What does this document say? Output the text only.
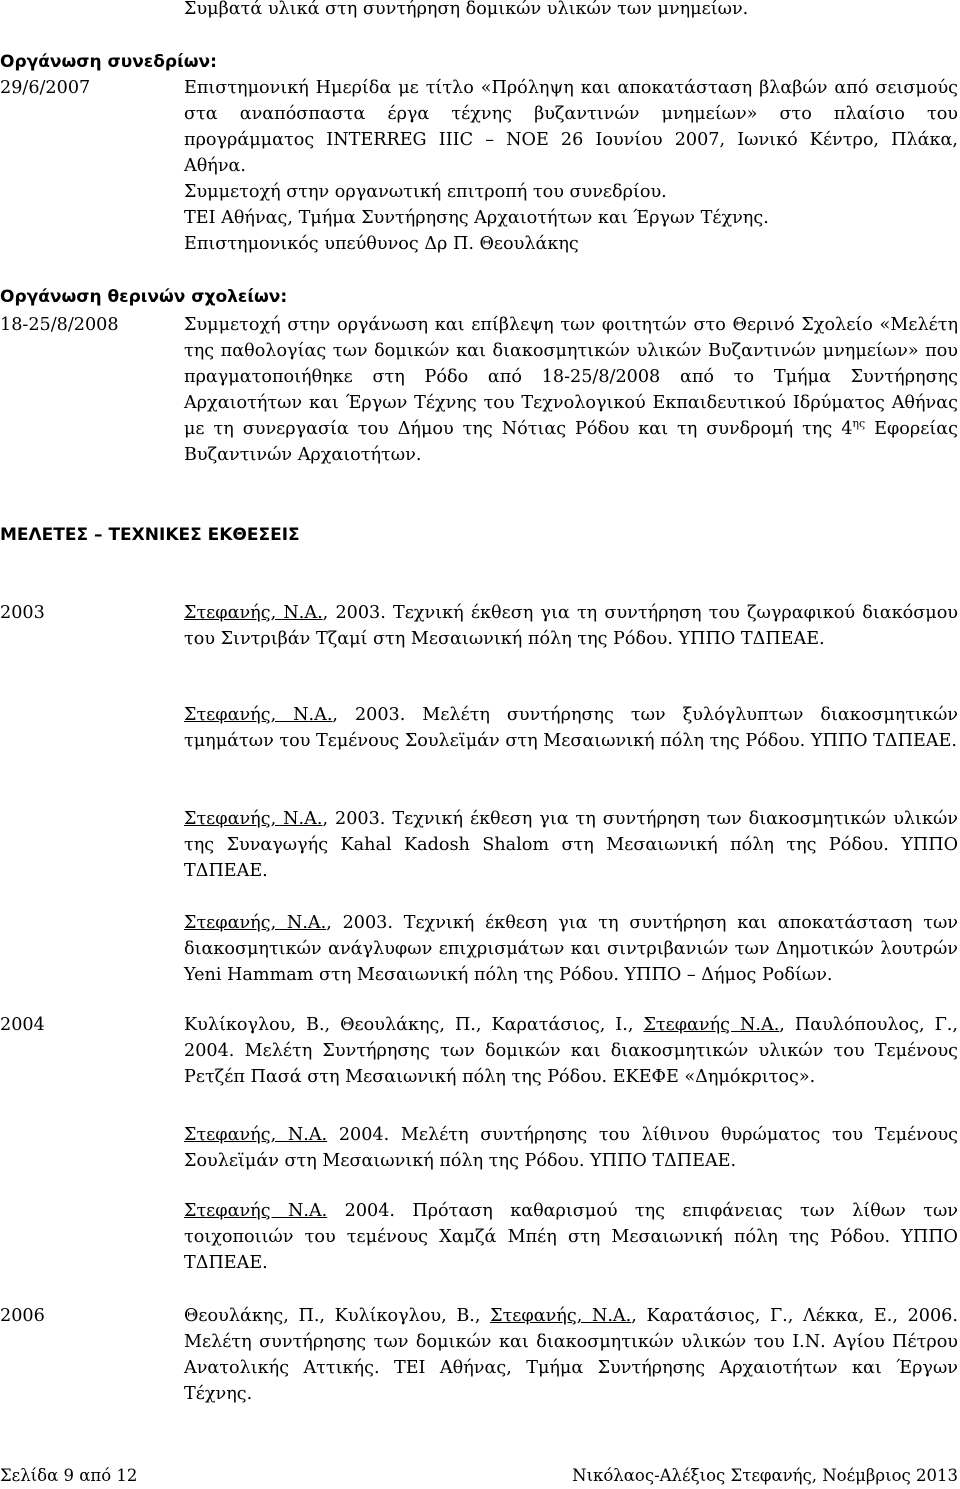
Συμβατά υλικά στη συντήρηση δομικών υλικών των μνημείων.
Οργάνωση συνεδρίων:
29/6/2007	Επιστημονική Ημερίδα με τίτλο «Πρόληψη και αποκατάσταση βλαβών από σεισμούς στα αναπόσπαστα έργα τέχνης βυζαντινών μνημείων» στο πλαίσιο του προγράμματος INTERREG IIIC – NOE 26 Ιουνίου 2007, Ιωνικό Κέντρο, Πλάκα, Αθήνα.

Συμμετοχή στην οργανωτική επιτροπή του συνεδρίου.

ΤΕΙ Αθήνας, Τμήμα Συντήρησης Αρχαιοτήτων και Έργων Τέχνης.

Επιστημονικός υπεύθυνος Δρ Π. Θεουλάκης

Οργάνωση θερινών σχολείων:
18-25/8/2008	Συμμετοχή στην οργάνωση και επίβλεψη των φοιτητών στο Θερινό Σχολείο «Μελέτη της παθολογίας των δομικών και διακοσμητικών υλικών Βυζαντινών μνημείων» που πραγματοποιήθηκε στη Ρόδο από 18-25/8/2008 από το Τμήμα Συντήρησης Αρχαιοτήτων και Έργων Τέχνης του Τεχνολογικού Εκπαιδευτικού Ιδρύματος Αθήνας με τη συνεργασία του Δήμου της Νότιας Ρόδου και τη συνδρομή της $4^{\eta\varsigma}$ Εφορείας Βυζαντινών Αρχαιοτήτων.

ΜΕΛΕΤΕΣ – ΤΕΧΝΙΚΕΣ ΕΚΘΕΣΕΙΣ
2003	Στεφανής, Ν.Α., 2003. Τεχνική έκθεση για τη συντήρηση του ζωγραφικού διακόσμου του Σιντριβάν Τζαμί στη Μεσαιωνική πόλη της Ρόδου. ΥΠΠΟ ΤΔΠΕΑΕ.

Στεφανής, Ν.Α., 2003. Μελέτη συντήρησης των ξυλόγλυπτων διακοσμητικών τμημάτων του Τεμένους Σουλεϊμάν στη Μεσαιωνική πόλη της Ρόδου. ΥΠΠΟ ΤΔΠΕΑΕ.

Στεφανής, Ν.Α., 2003. Τεχνική έκθεση για τη συντήρηση των διακοσμητικών υλικών της Συναγωγής Kahal Kadosh Shalom στη Μεσαιωνική πόλη της Ρόδου. ΥΠΠΟ ΤΔΠΕΑΕ.

Στεφανής, Ν.Α., 2003. Τεχνική έκθεση για τη συντήρηση και αποκατάσταση των διακοσμητικών ανάγλυφων επιχρισμάτων και σιντριβανιών των Δημοτικών λουτρών Yeni Hammam στη Μεσαιωνική πόλη της Ρόδου. ΥΠΠΟ – Δήμος Ροδίων.

2004	Κυλίκογλου, Β., Θεουλάκης, Π., Καρατάσιος, Ι., Στεφανής Ν.Α., Παυλόπουλος, Γ., 2004. Μελέτη Συντήρησης των δομικών και διακοσμητικών υλικών του Τεμένους Ρετζέπ Πασά στη Μεσαιωνική πόλη της Ρόδου. ΕΚΕΦΕ «Δημόκριτος».

Στεφανής, Ν.Α. 2004. Μελέτη συντήρησης του λίθινου θυρώματος του Τεμένους Σουλεϊμάν στη Μεσαιωνική πόλη της Ρόδου. ΥΠΠΟ ΤΔΠΕΑΕ.

Στεφανής Ν.Α. 2004. Πρόταση καθαρισμού της επιφάνειας των λίθων των τοιχοποιιών του τεμένους Χαμζά Μπέη στη Μεσαιωνική πόλη της Ρόδου. ΥΠΠΟ ΤΔΠΕΑΕ.

2006	Θεουλάκης, Π., Κυλίκογλου, Β., Στεφανής, Ν.Α., Καρατάσιος, Γ., Λέκκα, Ε., 2006. Μελέτη συντήρησης των δομικών και διακοσμητικών υλικών του Ι.Ν. Αγίου Πέτρου Ανατολικής Αττικής. ΤΕΙ Αθήνας, Τμήμα Συντήρησης Αρχαιοτήτων και Έργων Τέχνης.

Σελίδα 9 από 12	Νικόλαος-Αλέξιος Στεφανής, Νοέμβριος 2013
